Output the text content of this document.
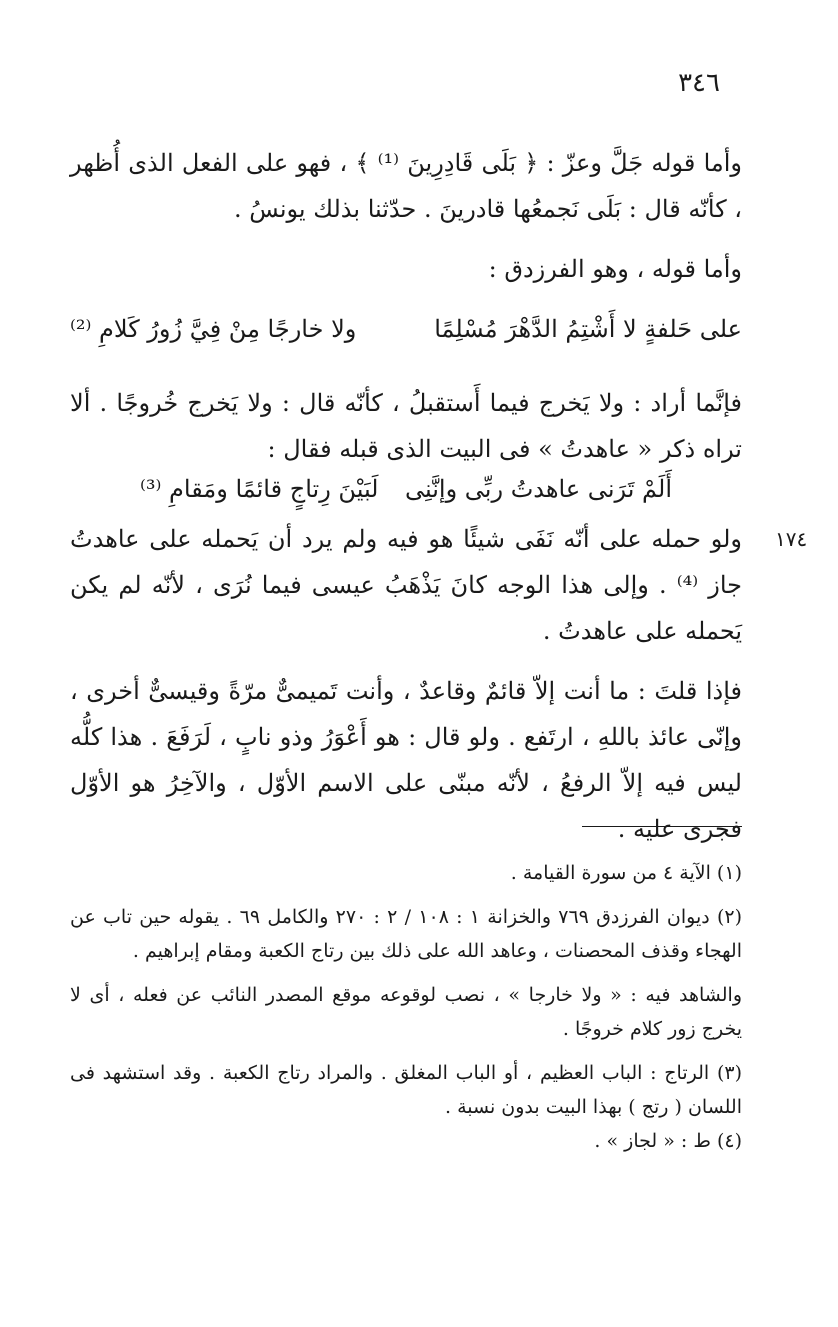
٣٤٦
١٧٤
وأما قوله جَلَّ وعزّ : ﴿ بَلَى قَادِرِينَ ⁽¹⁾ ﴾ ، فهو على الفعل الذى أُظهر ، كأنّه قال : بَلَى نَجمعُها قادرينَ . حدّثنا بذلك يونسُ .
وأما قوله ، وهو الفرزدق :
على حَلفةٍ لا أَشْتِمُ الدَّهْرَ مُسْلِمًا
ولا خارجًا مِنْ فِيَّ زُورُ كَلامِ ⁽²⁾
فإنَّما أراد : ولا يَخرج فيما أَستقبلُ ، كأنّه قال : ولا يَخرج خُروجًا . ألا تراه ذكر « عاهدتُ » فى البيت الذى قبله فقال :
أَلَمْ تَرَنى عاهدتُ ربِّى وإنَّنِى
لَبَيْنَ رِتاجٍ قائمًا ومَقامِ ⁽³⁾
ولو حمله على أنّه نَفَى شيئًا هو فيه ولم يرد أن يَحمله على عاهدتُ جاز ⁽⁴⁾ . وإلى هذا الوجه كانَ يَذْهَبُ عيسى فيما نُرَى ، لأنّه لم يكن يَحمله على عاهدتُ .
فإذا قلتَ : ما أنت إلاّ قائمٌ وقاعدٌ ، وأنت تَميمىٌّ مرّةً وقيسىٌّ أخرى ، وإنّى عائذ باللهِ ، ارتَفع . ولو قال : هو أَعْوَرُ وذو نابٍ ، لَرَفَعَ . هذا كلُّه ليس فيه إلاّ الرفعُ ، لأنّه مبنّى على الاسم الأوّل ، والآخِرُ هو الأوّل فجرى عليه .

(١) الآية ٤ من سورة القيامة .

(٢) ديوان الفرزدق ٧٦٩ والخزانة ١ : ١٠٨ / ٢ : ٢٧٠ والكامل ٦٩ . يقوله حين تاب عن الهجاء وقذف المحصنات ، وعاهد الله على ذلك بين رتاج الكعبة ومقام إبراهيم .

والشاهد فيه : « ولا خارجا » ، نصب لوقوعه موقع المصدر النائب عن فعله ، أى لا يخرج زور كلام خروجًا .

(٣) الرتاج : الباب العظيم ، أو الباب المغلق . والمراد رتاج الكعبة . وقد استشهد فى اللسان ( رتج ) بهذا البيت بدون نسبة .

(٤) ط : « لجاز » .
